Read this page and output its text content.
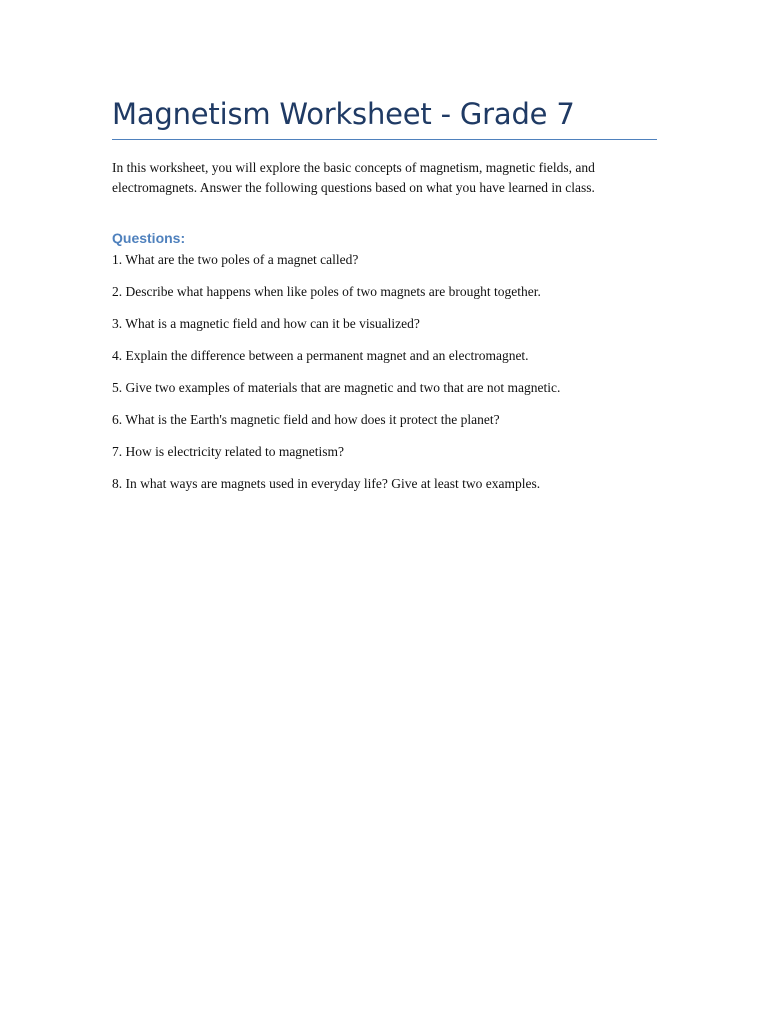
Magnetism Worksheet - Grade 7

In this worksheet, you will explore the basic concepts of magnetism, magnetic fields, and electromagnets. Answer the following questions based on what you have learned in class.

Questions:
1. What are the two poles of a magnet called?
2. Describe what happens when like poles of two magnets are brought together.
3. What is a magnetic field and how can it be visualized?
4. Explain the difference between a permanent magnet and an electromagnet.
5. Give two examples of materials that are magnetic and two that are not magnetic.
6. What is the Earth's magnetic field and how does it protect the planet?
7. How is electricity related to magnetism?
8. In what ways are magnets used in everyday life? Give at least two examples.
